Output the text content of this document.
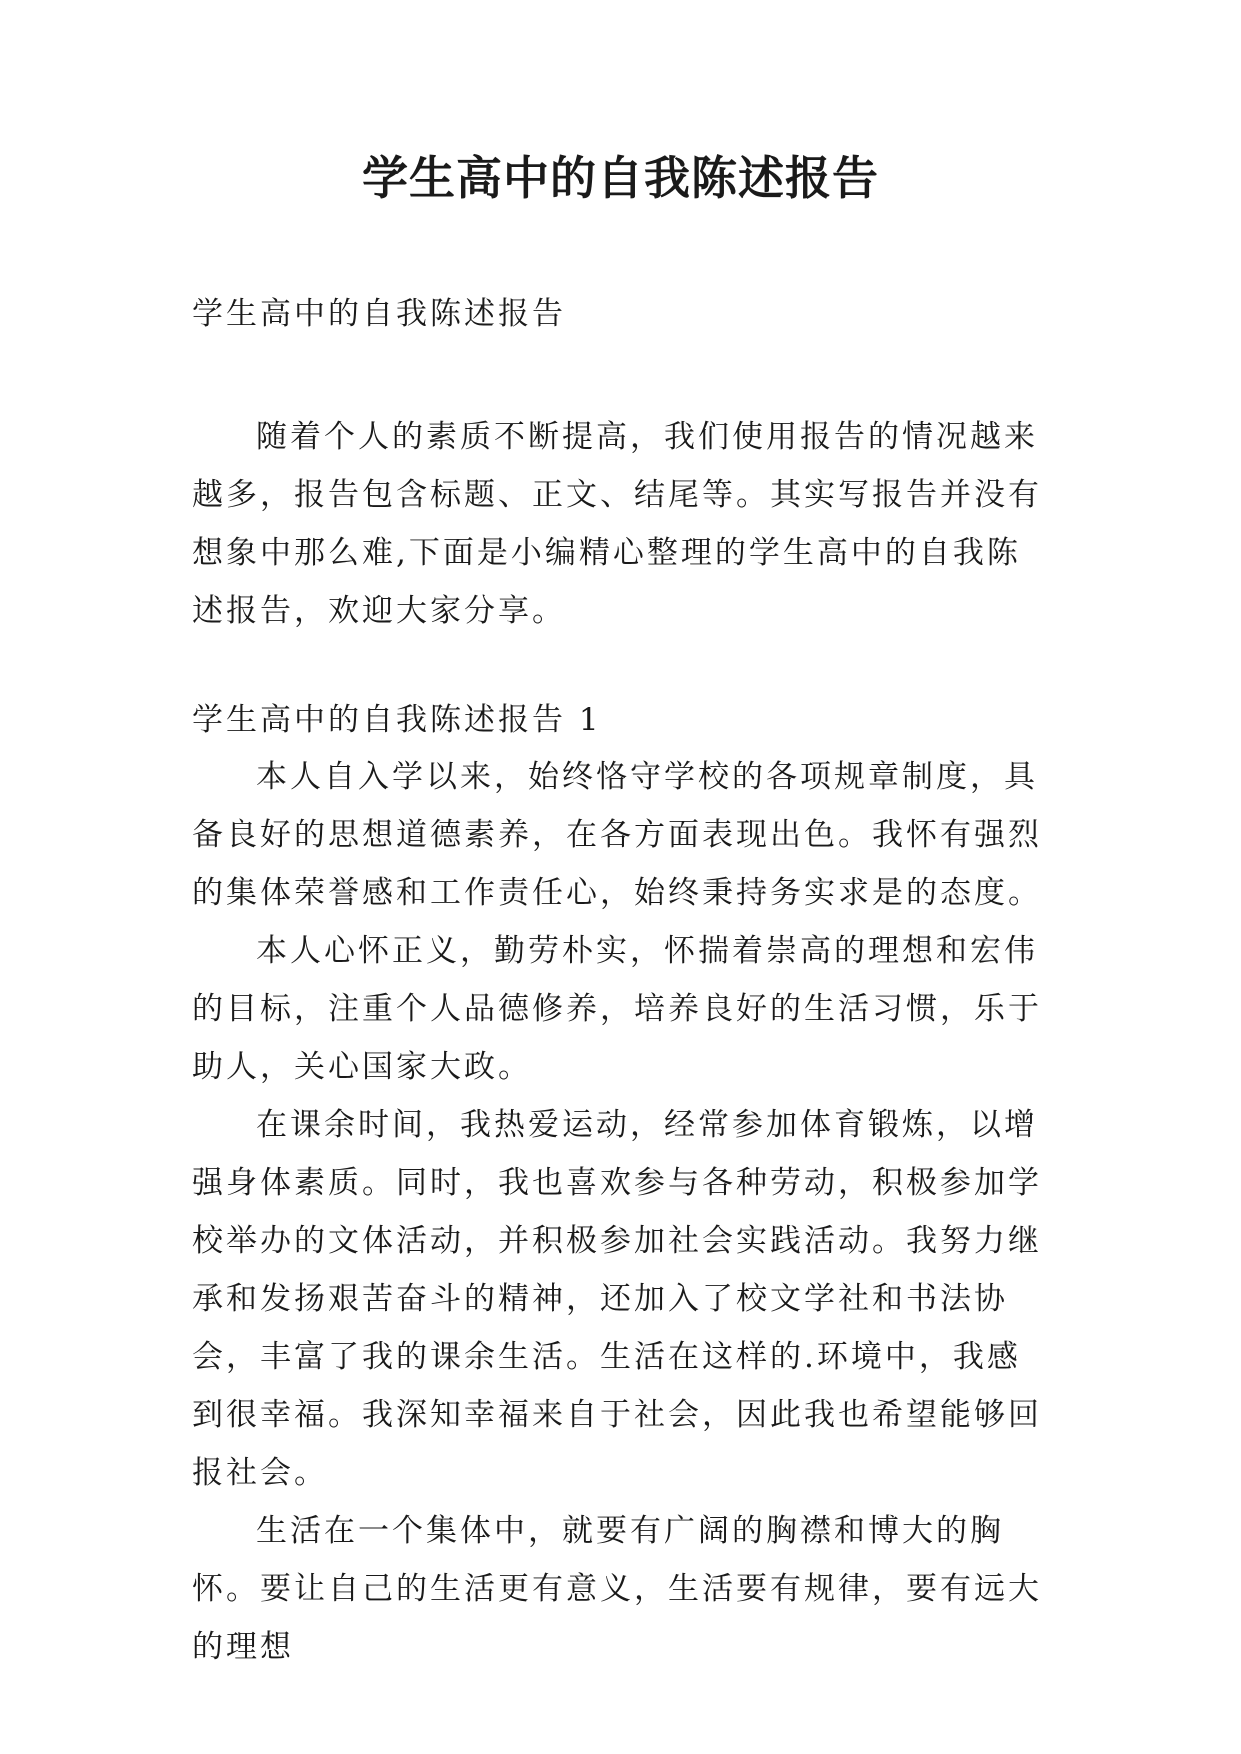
学生高中的自我陈述报告

学生高中的自我陈述报告

随着个人的素质不断提高，我们使用报告的情况越来越多，报告包含标题、正文、结尾等。其实写报告并没有想象中那么难,下面是小编精心整理的学生高中的自我陈述报告，欢迎大家分享。

学生高中的自我陈述报告 1

本人自入学以来，始终恪守学校的各项规章制度，具备良好的思想道德素养，在各方面表现出色。我怀有强烈的集体荣誉感和工作责任心，始终秉持务实求是的态度。

本人心怀正义，勤劳朴实，怀揣着崇高的理想和宏伟的目标，注重个人品德修养，培养良好的生活习惯，乐于助人，关心国家大政。

在课余时间，我热爱运动，经常参加体育锻炼，以增强身体素质。同时，我也喜欢参与各种劳动，积极参加学校举办的文体活动，并积极参加社会实践活动。我努力继承和发扬艰苦奋斗的精神，还加入了校文学社和书法协会，丰富了我的课余生活。生活在这样的.环境中，我感到很幸福。我深知幸福来自于社会，因此我也希望能够回报社会。

生活在一个集体中，就要有广阔的胸襟和博大的胸怀。要让自己的生活更有意义，生活要有规律，要有远大的理想
